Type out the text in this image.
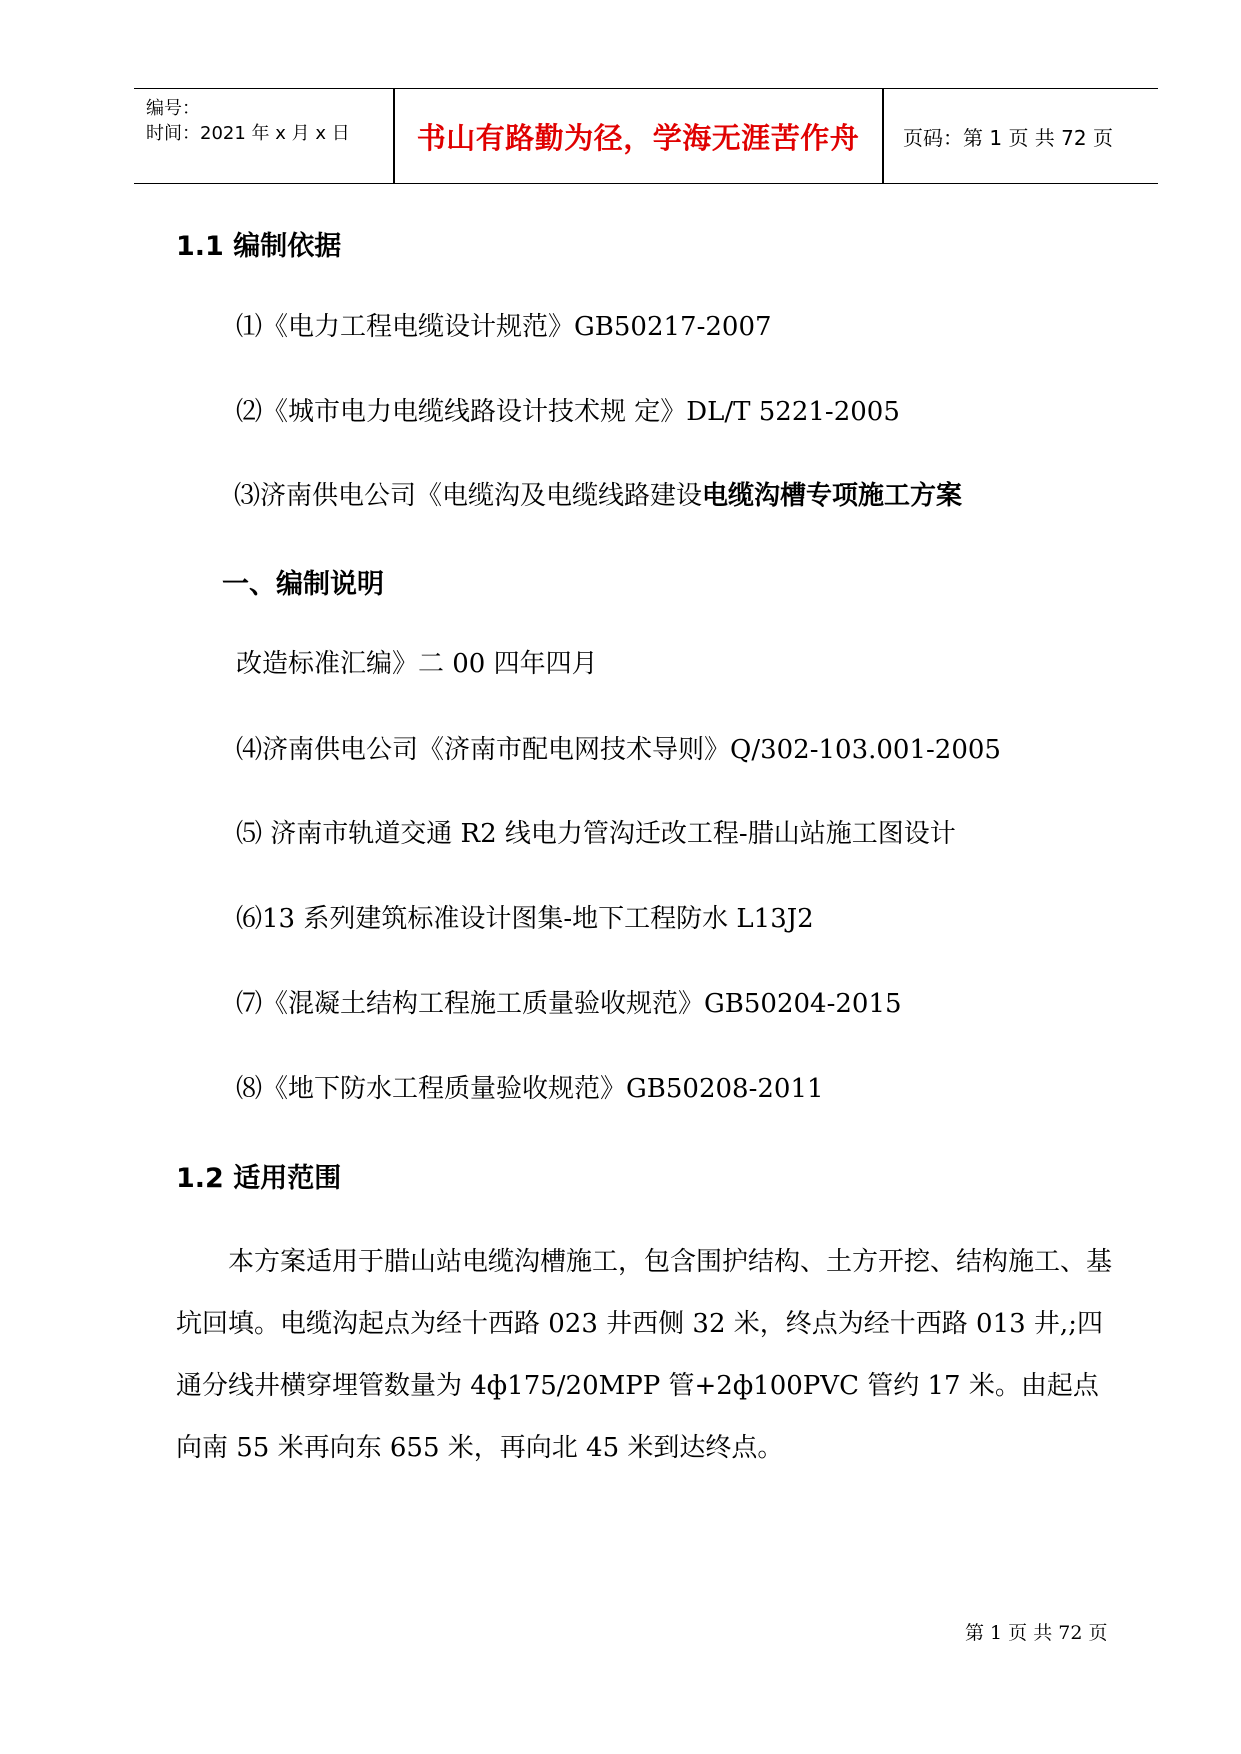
编号：
时间：2021 年 x 月 x 日	书山有路勤为径，学海无涯苦作舟	页码：第 1 页 共 72 页
1.1 编制依据
⑴《电力工程电缆设计规范》GB50217-2007
⑵《城市电力电缆线路设计技术规 定》DL/T 5221-2005
⑶济南供电公司《电缆沟及电缆线路建设电缆沟槽专项施工方案
一、编制说明
改造标准汇编》二 00 四年四月
⑷济南供电公司《济南市配电网技术导则》Q/302-103.001-2005
⑸ 济南市轨道交通 R2 线电力管沟迁改工程-腊山站施工图设计
⑹13 系列建筑标准设计图集-地下工程防水 L13J2
⑺《混凝土结构工程施工质量验收规范》GB50204-2015
⑻《地下防水工程质量验收规范》GB50208-2011
1.2 适用范围
本方案适用于腊山站电缆沟槽施工，包含围护结构、土方开挖、结构施工、基坑回填。电缆沟起点为经十西路 023 井西侧 32 米，终点为经十西路 013 井,;四通分线井横穿埋管数量为 4ф175/20MPP 管+2ф100PVC 管约 17 米。由起点向南 55 米再向东 655 米，再向北 45 米到达终点。
第 1 页 共 72 页
